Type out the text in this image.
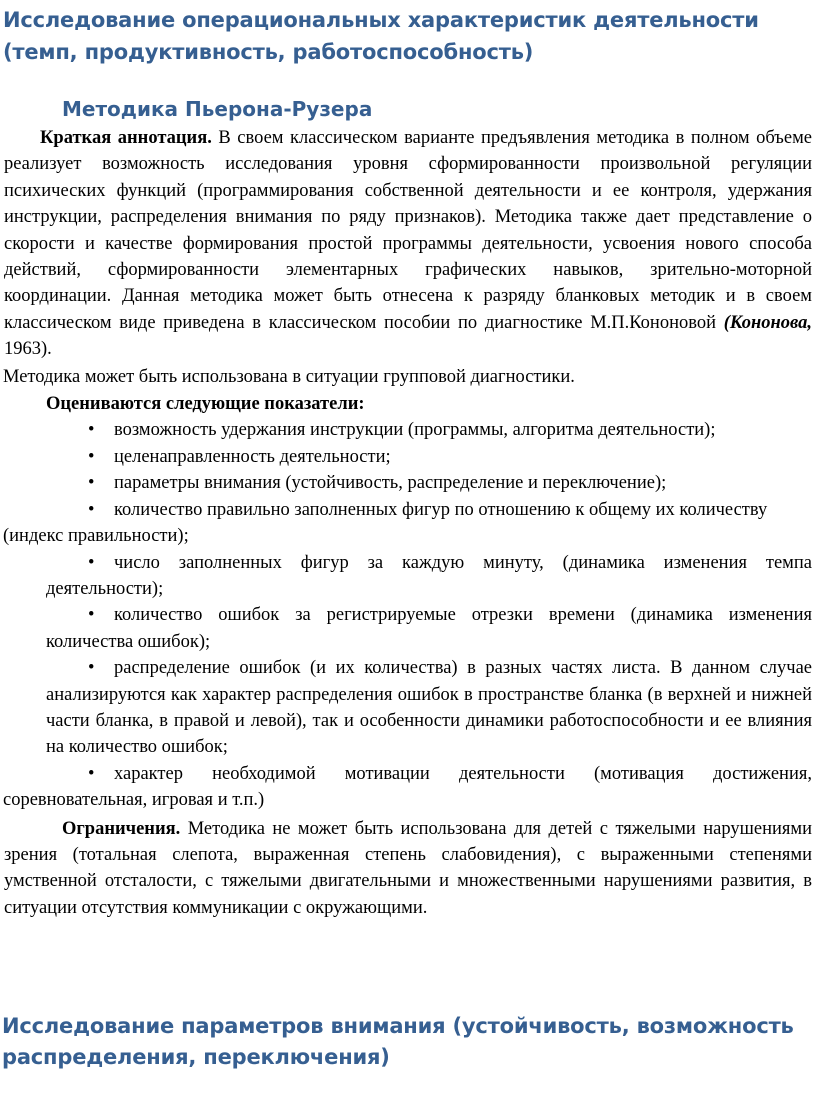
Исследование операциональных характеристик деятельности (темп, продуктивность, работоспособность)
Методика Пьерона-Рузера

Краткая аннотация. В своем классическом варианте предъявления методика в полном объеме реализует возможность исследования уровня сформированности произвольной регуляции психических функций (программирования собственной деятельности и ее контроля, удержания инструкции, распределения внимания по ряду признаков). Методика также дает представление о скорости и качестве формирования простой программы деятельности, усвоения нового способа действий, сформированности элементарных графических навыков, зрительно-моторной координации. Данная методика может быть отнесена к разряду бланковых методик и в своем классическом виде приведена в классическом пособии по диагностике М.П.Кононовой (Кононова, 1963).

Методика может быть использована в ситуации групповой диагностики.

Оцениваются следующие показатели:

• возможность удержания инструкции (программы, алгоритма деятельности);

• целенаправленность деятельности;

• параметры внимания (устойчивость, распределение и переключение);

• количество правильно заполненных фигур по отношению к общему их количеству

(индекс правильности);

• число заполненных фигур за каждую минуту, (динамика изменения темпа деятельности);

• количество ошибок за регистрируемые отрезки времени (динамика изменения количества ошибок);

• распределение ошибок (и их количества) в разных частях листа. В данном случае анализируются как характер распределения ошибок в пространстве бланка (в верхней и нижней части бланка, в правой и левой), так и особенности динамики работоспособности и ее влияния на количество ошибок;

• характер необходимой мотивации деятельности (мотивация достижения,

соревновательная, игровая и т.п.)

Ограничения. Методика не может быть использована для детей с тяжелыми нарушениями зрения (тотальная слепота, выраженная степень слабовидения), с выраженными степенями умственной отсталости, с тяжелыми двигательными и множественными нарушениями развития, в ситуации отсутствия коммуникации с окружающими.

Исследование параметров внимания (устойчивость, возможность распределения, переключения)
